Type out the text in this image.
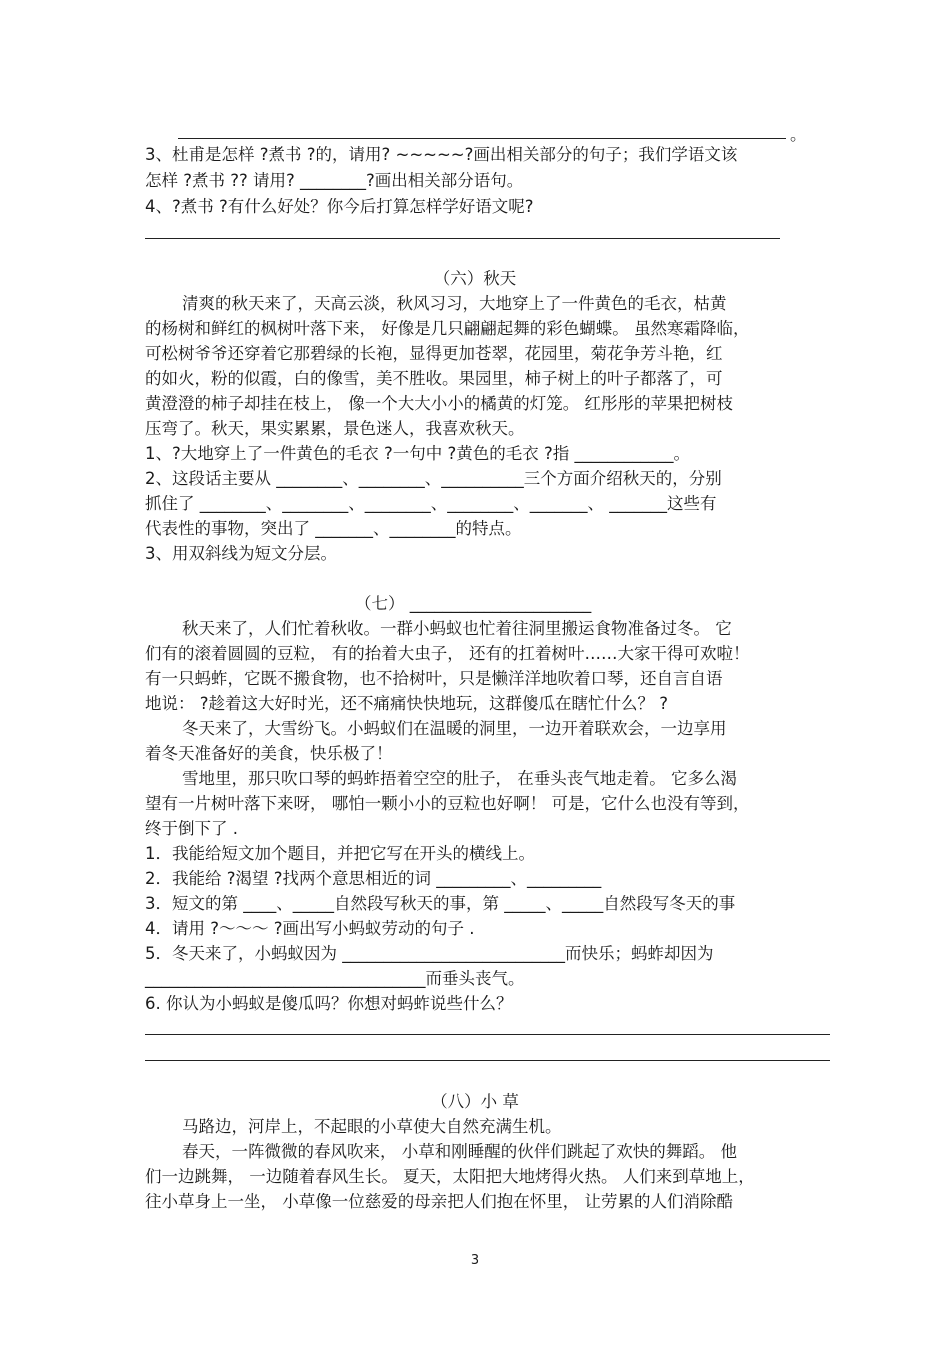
。
3、杜甫是怎样 ?煮书 ?的，请用? ~~~~~?画出相关部分的句子；我们学语文该
怎样 ?煮书 ?? 请用? ________?画出相关部分语句。
4、?煮书 ?有什么好处？你今后打算怎样学好语文呢?
（六）秋天
清爽的秋天来了，天高云淡，秋风习习，大地穿上了一件黄色的毛衣，枯黄
的杨树和鲜红的枫树叶落下来， 好像是几只翩翩起舞的彩色蝴蝶。 虽然寒霜降临，
可松树爷爷还穿着它那碧绿的长袍，显得更加苍翠，花园里，菊花争芳斗艳，红
的如火，粉的似霞，白的像雪，美不胜收。果园里，柿子树上的叶子都落了，可
黄澄澄的柿子却挂在枝上， 像一个大大小小的橘黄的灯笼。 红彤彤的苹果把树枝
压弯了。秋天，果实累累，景色迷人，我喜欢秋天。
1、?大地穿上了一件黄色的毛衣 ?一句中 ?黄色的毛衣 ?指 ____________。
2、这段话主要从 ________、________、__________三个方面介绍秋天的，分别
抓住了 ________、________、________、________、_______、 _______这些有
代表性的事物，突出了 _______、________的特点。
3、用双斜线为短文分层。
（七） ______________________
秋天来了，人们忙着秋收。一群小蚂蚁也忙着往洞里搬运食物准备过冬。 它
们有的滚着圆圆的豆粒， 有的抬着大虫子， 还有的扛着树叶……大家干得可欢啦！
有一只蚂蚱，它既不搬食物，也不拾树叶，只是懒洋洋地吹着口琴，还自言自语
地说： ?趁着这大好时光，还不痛痛快快地玩，这群傻瓜在瞎忙什么？ ?
冬天来了，大雪纷飞。小蚂蚁们在温暖的洞里，一边开着联欢会，一边享用
着冬天准备好的美食，快乐极了！
雪地里，那只吹口琴的蚂蚱捂着空空的肚子， 在垂头丧气地走着。 它多么渴
望有一片树叶落下来呀， 哪怕一颗小小的豆粒也好啊！ 可是，它什么也没有等到，
终于倒下了 .
1．我能给短文加个题目，并把它写在开头的横线上。
2．我能给 ?渴望 ?找两个意思相近的词 _________、_________
3．短文的第 ____、_____自然段写秋天的事，第 _____、_____自然段写冬天的事
4．请用 ?～～～ ?画出写小蚂蚁劳动的句子 .
5．冬天来了，小蚂蚁因为 ___________________________而快乐；蚂蚱却因为
__________________________________而垂头丧气。
6. 你认为小蚂蚁是傻瓜吗？你想对蚂蚱说些什么？
（八）小 草
马路边，河岸上，不起眼的小草使大自然充满生机。
春天，一阵微微的春风吹来， 小草和刚睡醒的伙伴们跳起了欢快的舞蹈。 他
们一边跳舞， 一边随着春风生长。 夏天，太阳把大地烤得火热。 人们来到草地上，
往小草身上一坐， 小草像一位慈爱的母亲把人们抱在怀里， 让劳累的人们消除酷
3
